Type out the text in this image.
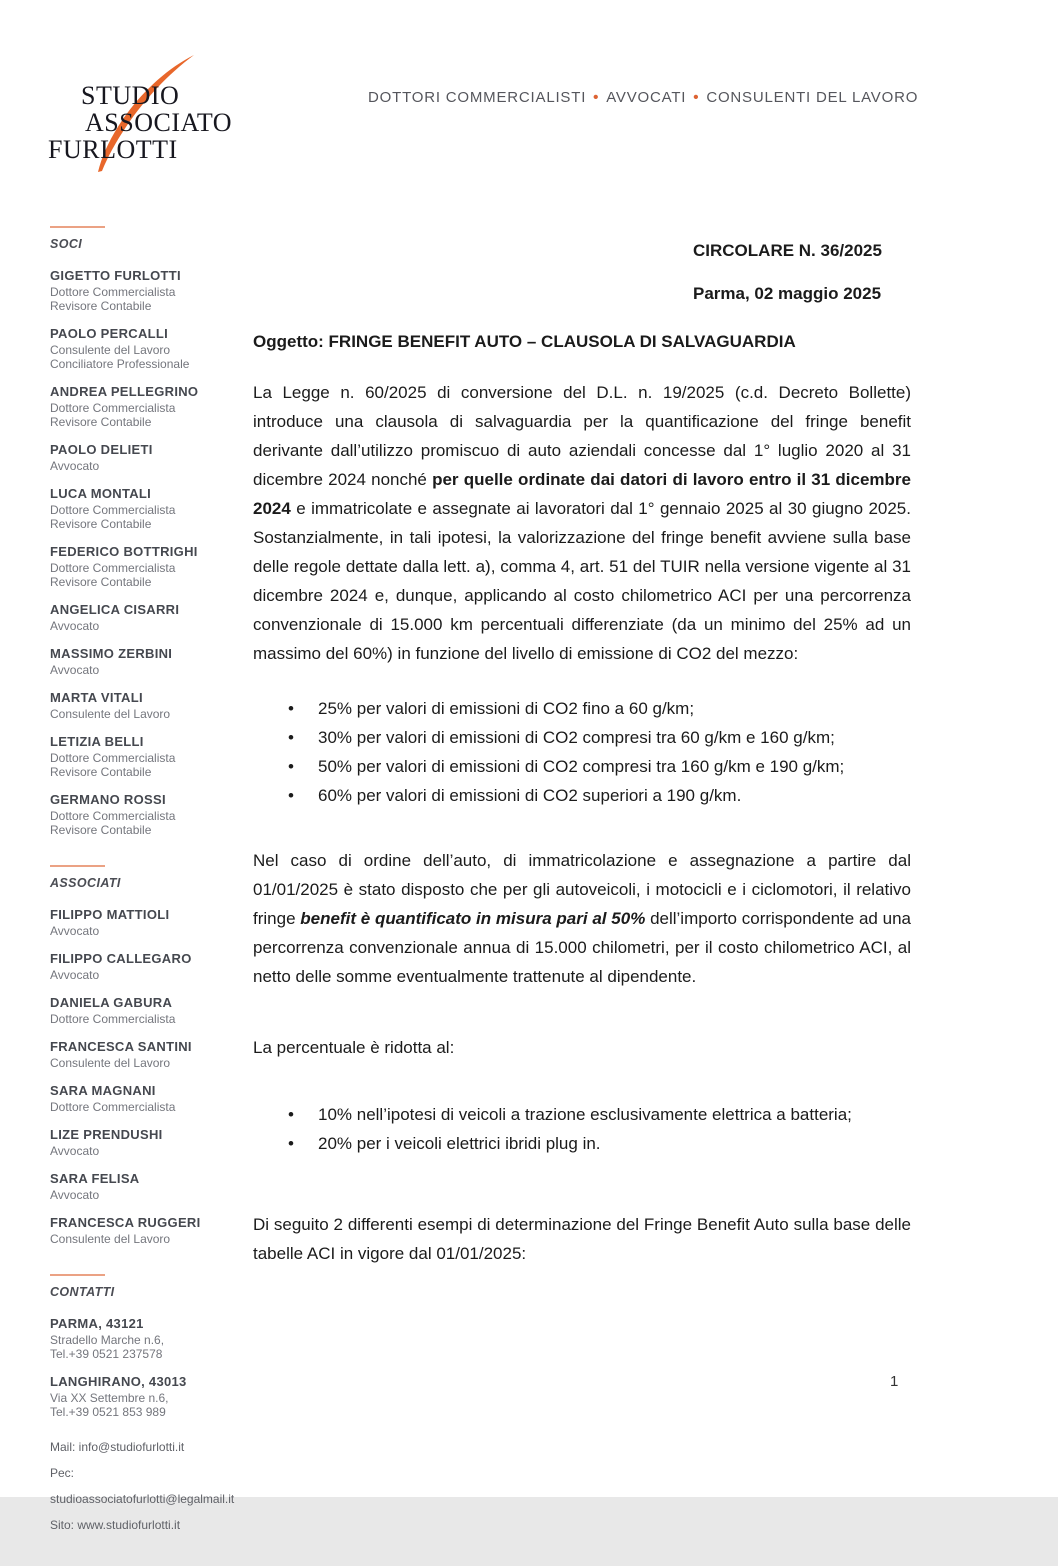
STUDIO
ASSOCIATO
FURLOTTI
DOTTORI COMMERCIALISTI • AVVOCATI • CONSULENTI DEL LAVORO
SOCI
GIGETTO FURLOTTI
Dottore Commercialista
Revisore Contabile
PAOLO PERCALLI
Consulente del Lavoro
Conciliatore Professionale
ANDREA PELLEGRINO
Dottore Commercialista
Revisore Contabile
PAOLO DELIETI
Avvocato
LUCA MONTALI
Dottore Commercialista
Revisore Contabile
FEDERICO BOTTRIGHI
Dottore Commercialista
Revisore Contabile
ANGELICA CISARRI
Avvocato
MASSIMO ZERBINI
Avvocato
MARTA VITALI
Consulente del Lavoro
LETIZIA BELLI
Dottore Commercialista
Revisore Contabile
GERMANO ROSSI
Dottore Commercialista
Revisore Contabile
ASSOCIATI
FILIPPO MATTIOLI
Avvocato
FILIPPO CALLEGARO
Avvocato
DANIELA GABURA
Dottore Commercialista
FRANCESCA SANTINI
Consulente del Lavoro
SARA MAGNANI
Dottore Commercialista
LIZE PRENDUSHI
Avvocato
SARA FELISA
Avvocato
FRANCESCA RUGGERI
Consulente del Lavoro
CONTATTI
PARMA, 43121
Stradello Marche n.6,
Tel.+39 0521 237578
LANGHIRANO, 43013
Via XX Settembre n.6,
Tel.+39 0521 853 989
Mail: info@studiofurlotti.it
Pec: studioassociatofurlotti@legalmail.it
Sito: www.studiofurlotti.it
CIRCOLARE N. 36/2025
Parma, 02 maggio 2025
Oggetto: FRINGE BENEFIT AUTO – CLAUSOLA DI SALVAGUARDIA

La Legge n. 60/2025 di conversione del D.L. n. 19/2025 (c.d. Decreto Bollette) introduce una clausola di salvaguardia per la quantificazione del fringe benefit derivante dall’utilizzo promiscuo di auto aziendali concesse dal 1° luglio 2020 al 31 dicembre 2024 nonché per quelle ordinate dai datori di lavoro entro il 31 dicembre 2024 e immatricolate e assegnate ai lavoratori dal 1° gennaio 2025 al 30 giugno 2025. Sostanzialmente, in tali ipotesi, la valorizzazione del fringe benefit avviene sulla base delle regole dettate dalla lett. a), comma 4, art. 51 del TUIR nella versione vigente al 31 dicembre 2024 e, dunque, applicando al costo chilometrico ACI per una percorrenza convenzionale di 15.000 km percentuali differenziate (da un minimo del 25% ad un massimo del 60%) in funzione del livello di emissione di CO2 del mezzo:

• 25% per valori di emissioni di CO2 fino a 60 g/km;
• 30% per valori di emissioni di CO2 compresi tra 60 g/km e 160 g/km;
• 50% per valori di emissioni di CO2 compresi tra 160 g/km e 190 g/km;
• 60% per valori di emissioni di CO2 superiori a 190 g/km.

Nel caso di ordine dell’auto, di immatricolazione e assegnazione a partire dal 01/01/2025 è stato disposto che per gli autoveicoli, i motocicli e i ciclomotori, il relativo fringe benefit è quantificato in misura pari al 50% dell’importo corrispondente ad una percorrenza convenzionale annua di 15.000 chilometri, per il costo chilometrico ACI, al netto delle somme eventualmente trattenute al dipendente.

La percentuale è ridotta al:

• 10% nell’ipotesi di veicoli a trazione esclusivamente elettrica a batteria;
• 20% per i veicoli elettrici ibridi plug in.

Di seguito 2 differenti esempi di determinazione del Fringe Benefit Auto sulla base delle tabelle ACI in vigore dal 01/01/2025:

1
